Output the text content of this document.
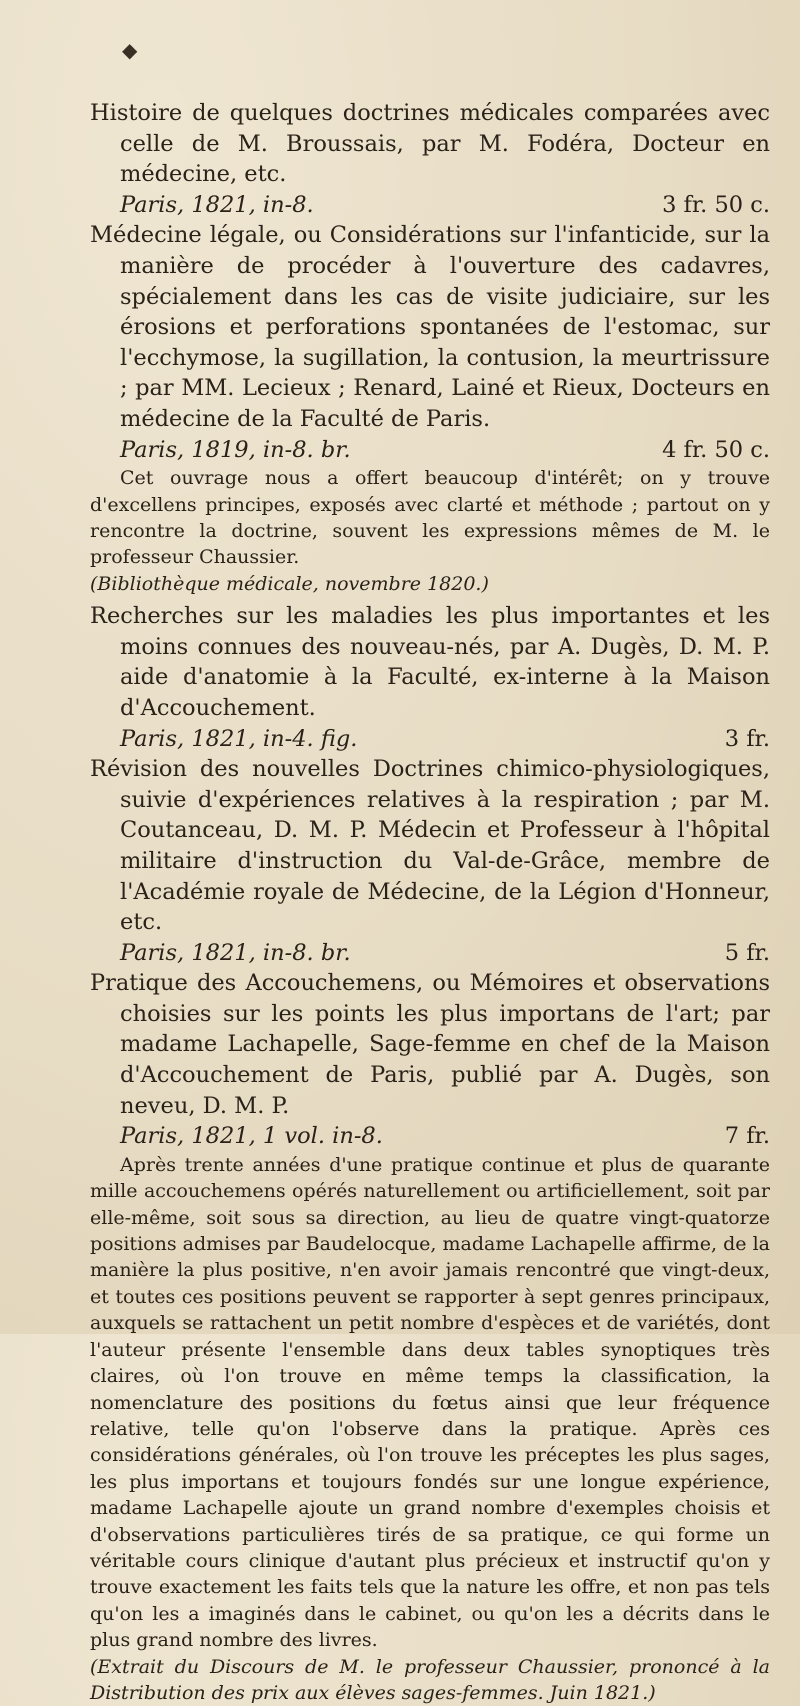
◆

Histoire de quelques doctrines médicales comparées avec celle de M. Broussais, par M. Fodéra, Docteur en médecine, etc.

Paris, 1821, in-8.	3 fr. 50 c.

Médecine légale, ou Considérations sur l'infanticide, sur la manière de procéder à l'ouverture des cadavres, spécialement dans les cas de visite judiciaire, sur les érosions et perforations spontanées de l'estomac, sur l'ecchymose, la sugillation, la contusion, la meurtrissure ; par MM. Lecieux ; Renard, Lainé et Rieux, Docteurs en médecine de la Faculté de Paris.

Paris, 1819, in-8. br.	4 fr. 50 c.

Cet ouvrage nous a offert beaucoup d'intérêt; on y trouve d'excellens principes, exposés avec clarté et méthode ; partout on y rencontre la doctrine, souvent les expressions mêmes de M. le professeur Chaussier.

(Bibliothèque médicale, novembre 1820.)

Recherches sur les maladies les plus importantes et les moins connues des nouveau-nés, par A. Dugès, D. M. P. aide d'anatomie à la Faculté, ex-interne à la Maison d'Accouchement.

Paris, 1821, in-4. fig.	3 fr.

Révision des nouvelles Doctrines chimico-physiologiques, suivie d'expériences relatives à la respiration ; par M. Coutanceau, D. M. P. Médecin et Professeur à l'hôpital militaire d'instruction du Val-de-Grâce, membre de l'Académie royale de Médecine, de la Légion d'Honneur, etc.

Paris, 1821, in-8. br.	5 fr.

Pratique des Accouchemens, ou Mémoires et observations choisies sur les points les plus importans de l'art; par madame Lachapelle, Sage-femme en chef de la Maison d'Accouchement de Paris, publié par A. Dugès, son neveu, D. M. P.

Paris, 1821, 1 vol. in-8.	7 fr.

Après trente années d'une pratique continue et plus de quarante mille accouchemens opérés naturellement ou artificiellement, soit par elle-même, soit sous sa direction, au lieu de quatre vingt-quatorze positions admises par Baudelocque, madame Lachapelle affirme, de la manière la plus positive, n'en avoir jamais rencontré que vingt-deux, et toutes ces positions peuvent se rapporter à sept genres principaux, auxquels se rattachent un petit nombre d'espèces et de variétés, dont l'auteur présente l'ensemble dans deux tables synoptiques très claires, où l'on trouve en même temps la classification, la nomenclature des positions du fœtus ainsi que leur fréquence relative, telle qu'on l'observe dans la pratique. Après ces considérations générales, où l'on trouve les préceptes les plus sages, les plus importans et toujours fondés sur une longue expérience, madame Lachapelle ajoute un grand nombre d'exemples choisis et d'observations particulières tirés de sa pratique, ce qui forme un véritable cours clinique d'autant plus précieux et instructif qu'on y trouve exactement les faits tels que la nature les offre, et non pas tels qu'on les a imaginés dans le cabinet, ou qu'on les a décrits dans le plus grand nombre des livres.

(Extrait du Discours de M. le professeur Chaussier, prononcé à la Distribution des prix aux élèves sages-femmes. Juin 1821.)
